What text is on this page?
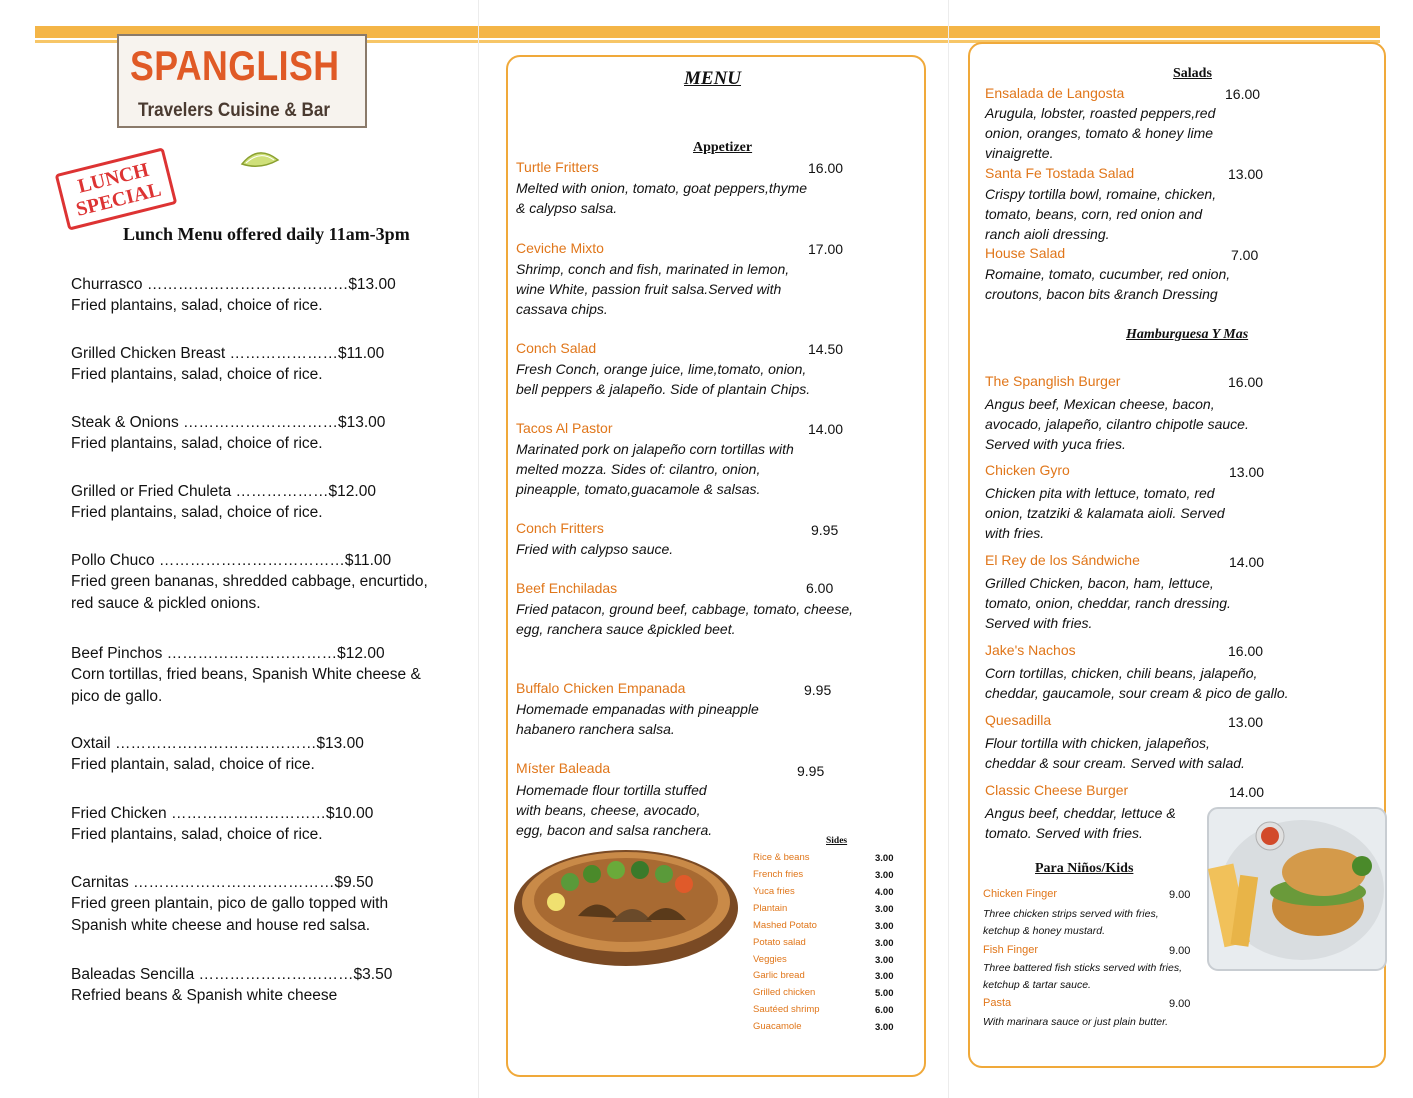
SPANGLISH
Travelers Cuisine & Bar
LUNCH SPECIAL
Lunch Menu offered daily 11am-3pm
Churrasco …………………………………$13.00
Fried plantains, salad, choice of rice.
Grilled Chicken Breast …………………$11.00
Fried plantains, salad, choice of rice.
Steak & Onions …………………………$13.00
Fried plantains, salad, choice of rice.
Grilled or Fried Chuleta ………………$12.00
Fried plantains, salad, choice of rice.
Pollo Chuco ………………………………$11.00
Fried green bananas, shredded cabbage, encurtido, red sauce & pickled onions.
Beef Pinchos ……………………………$12.00
Corn tortillas, fried beans, Spanish White cheese & pico de gallo.
Oxtail …………………………………$13.00
Fried plantain, salad, choice of rice.
Fried Chicken …………………………$10.00
Fried plantains, salad, choice of rice.
Carnitas …………………………………$9.50
Fried green plantain, pico de gallo topped with Spanish white cheese and house red salsa.
Baleadas Sencilla …………………………$3.50
Refried beans & Spanish white cheese
MENU
Appetizer
Turtle Fritters	16.00
Melted with onion, tomato, goat peppers,thyme & calypso salsa.
Ceviche Mixto	17.00
Shrimp, conch and fish, marinated in lemon, wine White, passion fruit salsa.Served with cassava chips.
Conch Salad	14.50
Fresh Conch, orange juice, lime,tomato, onion, bell peppers & jalapeño. Side of plantain Chips.
Tacos Al Pastor	14.00
Marinated pork on jalapeño corn tortillas with melted mozza. Sides of: cilantro, onion, pineapple, tomato,guacamole & salsas.
Conch Fritters	9.95
Fried with calypso sauce.
Beef Enchiladas	6.00
Fried patacon, ground beef, cabbage, tomato, cheese, egg, ranchera sauce &pickled beet.
Buffalo Chicken Empanada	9.95
Homemade empanadas with pineapple habanero ranchera salsa.
Míster Baleada	9.95
Homemade flour tortilla stuffed with beans, cheese, avocado, egg, bacon and salsa ranchera.
Sides
Rice & beans	3.00
French fries	3.00
Yuca fries	4.00
Plantain	3.00
Mashed Potato	3.00
Potato salad	3.00
Veggies	3.00
Garlic bread	3.00
Grilled chicken	5.00
Sautéed shrimp	6.00
Guacamole	3.00
Salads
Ensalada de Langosta	16.00
Arugula, lobster, roasted peppers,red onion, oranges, tomato & honey lime vinaigrette.
Santa Fe Tostada Salad	13.00
Crispy tortilla bowl, romaine, chicken, tomato, beans, corn, red onion and ranch aioli dressing.
House Salad	7.00
Romaine, tomato, cucumber, red onion, croutons, bacon bits &ranch Dressing
Hamburguesa Y Mas
The Spanglish Burger	16.00
Angus beef, Mexican cheese, bacon, avocado, jalapeño, cilantro chipotle sauce. Served with yuca fries.
Chicken Gyro	13.00
Chicken pita with lettuce, tomato, red onion, tzatziki & kalamata aioli. Served with fries.
El Rey de los Sándwiche	14.00
Grilled Chicken, bacon, ham, lettuce, tomato, onion, cheddar, ranch dressing. Served with fries.
Jake's Nachos	16.00
Corn tortillas, chicken, chili beans, jalapeño, cheddar, gaucamole, sour cream & pico de gallo.
Quesadilla	13.00
Flour tortilla with chicken, jalapeños, cheddar & sour cream. Served with salad.
Classic Cheese Burger	14.00
Angus beef, cheddar, lettuce & tomato. Served with fries.
Para Niños/Kids
Chicken Finger	9.00
Three chicken strips served with fries, ketchup & honey mustard.
Fish Finger	9.00
Three battered fish sticks served with fries, ketchup & tartar sauce.
Pasta	9.00
With marinara sauce or just plain butter.
